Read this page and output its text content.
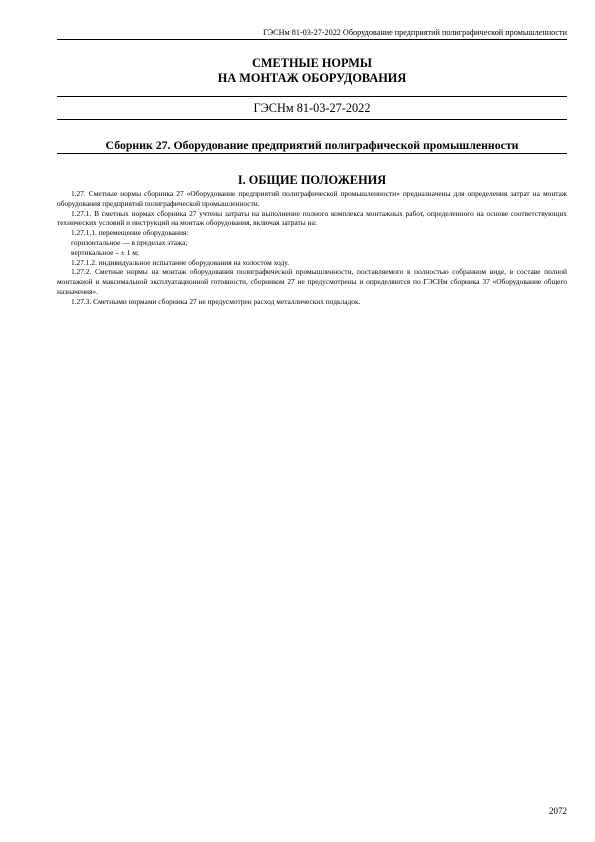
ГЭСНм 81-03-27-2022 Оборудование предприятий полиграфической промышленности
СМЕТНЫЕ НОРМЫ
НА МОНТАЖ ОБОРУДОВАНИЯ
ГЭСНм 81-03-27-2022
Сборник 27. Оборудование предприятий полиграфической промышленности
I. ОБЩИЕ ПОЛОЖЕНИЯ

1.27. Сметные нормы сборника 27 «Оборудование предприятий полиграфической промышленности» предназначены для определения затрат на монтаж оборудования предприятий полиграфической промышленности.

1.27.1. В сметных нормах сборника 27 учтены затраты на выполнение полного комплекса монтажных работ, определенного на основе соответствующих технических условий и инструкций на монтаж оборудования, включая затраты на:

1.27.1.1. перемещение оборудования:

горизонтальное — в пределах этажа;

вертикальное – ± 1 м;

1.27.1.2. индивидуальное испытание оборудования на холостом ходу.

1.27.2. Сметные нормы на монтаж оборудования полиграфической промышленности, поставляемого в полностью собранном виде, в составе полной монтажной и максимальной эксплуатационной готовности, сборником 27 не предусмотрены и определяются по ГЭСНм сборника 37 «Оборудование общего назначения».

1.27.3. Сметными нормами сборника 27 не предусмотрен расход металлических подкладок.

2072
